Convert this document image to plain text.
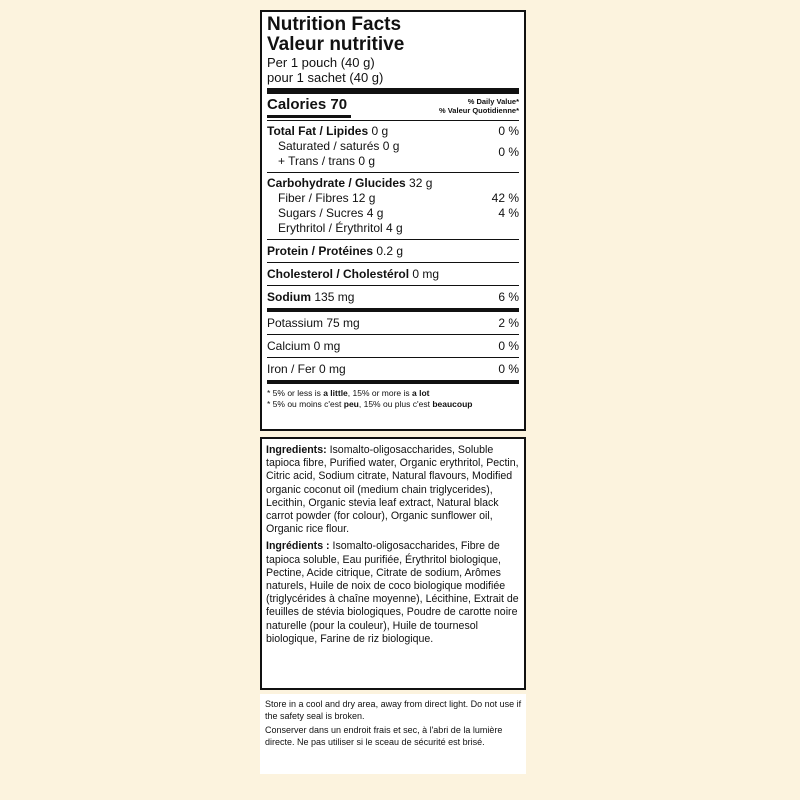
Nutrition Facts
Valeur nutritive
Per 1 pouch (40 g)
pour 1 sachet (40 g)
Calories 70	% Daily Value*
% Valeur Quotidienne*
Total Fat / Lipides 0 g	0 %
Saturated / saturés 0 g	0 %
+ Trans / trans 0 g
Carbohydrate / Glucides 32 g
Fiber / Fibres 12 g	42 %
Sugars / Sucres 4 g	4 %
Erythritol / Érythritol 4 g
Protein / Protéines 0.2 g
Cholesterol / Cholestérol 0 mg
Sodium 135 mg	6 %
Potassium 75 mg	2 %
Calcium 0 mg	0 %
Iron / Fer 0 mg	0 %
* 5% or less is a little, 15% or more is a lot
* 5% ou moins c'est peu, 15% ou plus c'est beaucoup
Ingredients: Isomalto-oligosaccharides, Soluble tapioca fibre, Purified water, Organic erythritol, Pectin, Citric acid, Sodium citrate, Natural flavours, Modified organic coconut oil (medium chain triglycerides), Lecithin, Organic stevia leaf extract, Natural black carrot powder (for colour), Organic sunflower oil, Organic rice flour.
Ingrédients : Isomalto-oligosaccharides, Fibre de tapioca soluble, Eau purifiée, Érythritol biologique, Pectine, Acide citrique, Citrate de sodium, Arômes naturels, Huile de noix de coco biologique modifiée (triglycérides à chaîne moyenne), Lécithine, Extrait de feuilles de stévia biologiques, Poudre de carotte noire naturelle (pour la couleur), Huile de tournesol biologique, Farine de riz biologique.
Store in a cool and dry area, away from direct light. Do not use if the safety seal is broken.
Conserver dans un endroit frais et sec, à l'abri de la lumière directe. Ne pas utiliser si le sceau de sécurité est brisé.
